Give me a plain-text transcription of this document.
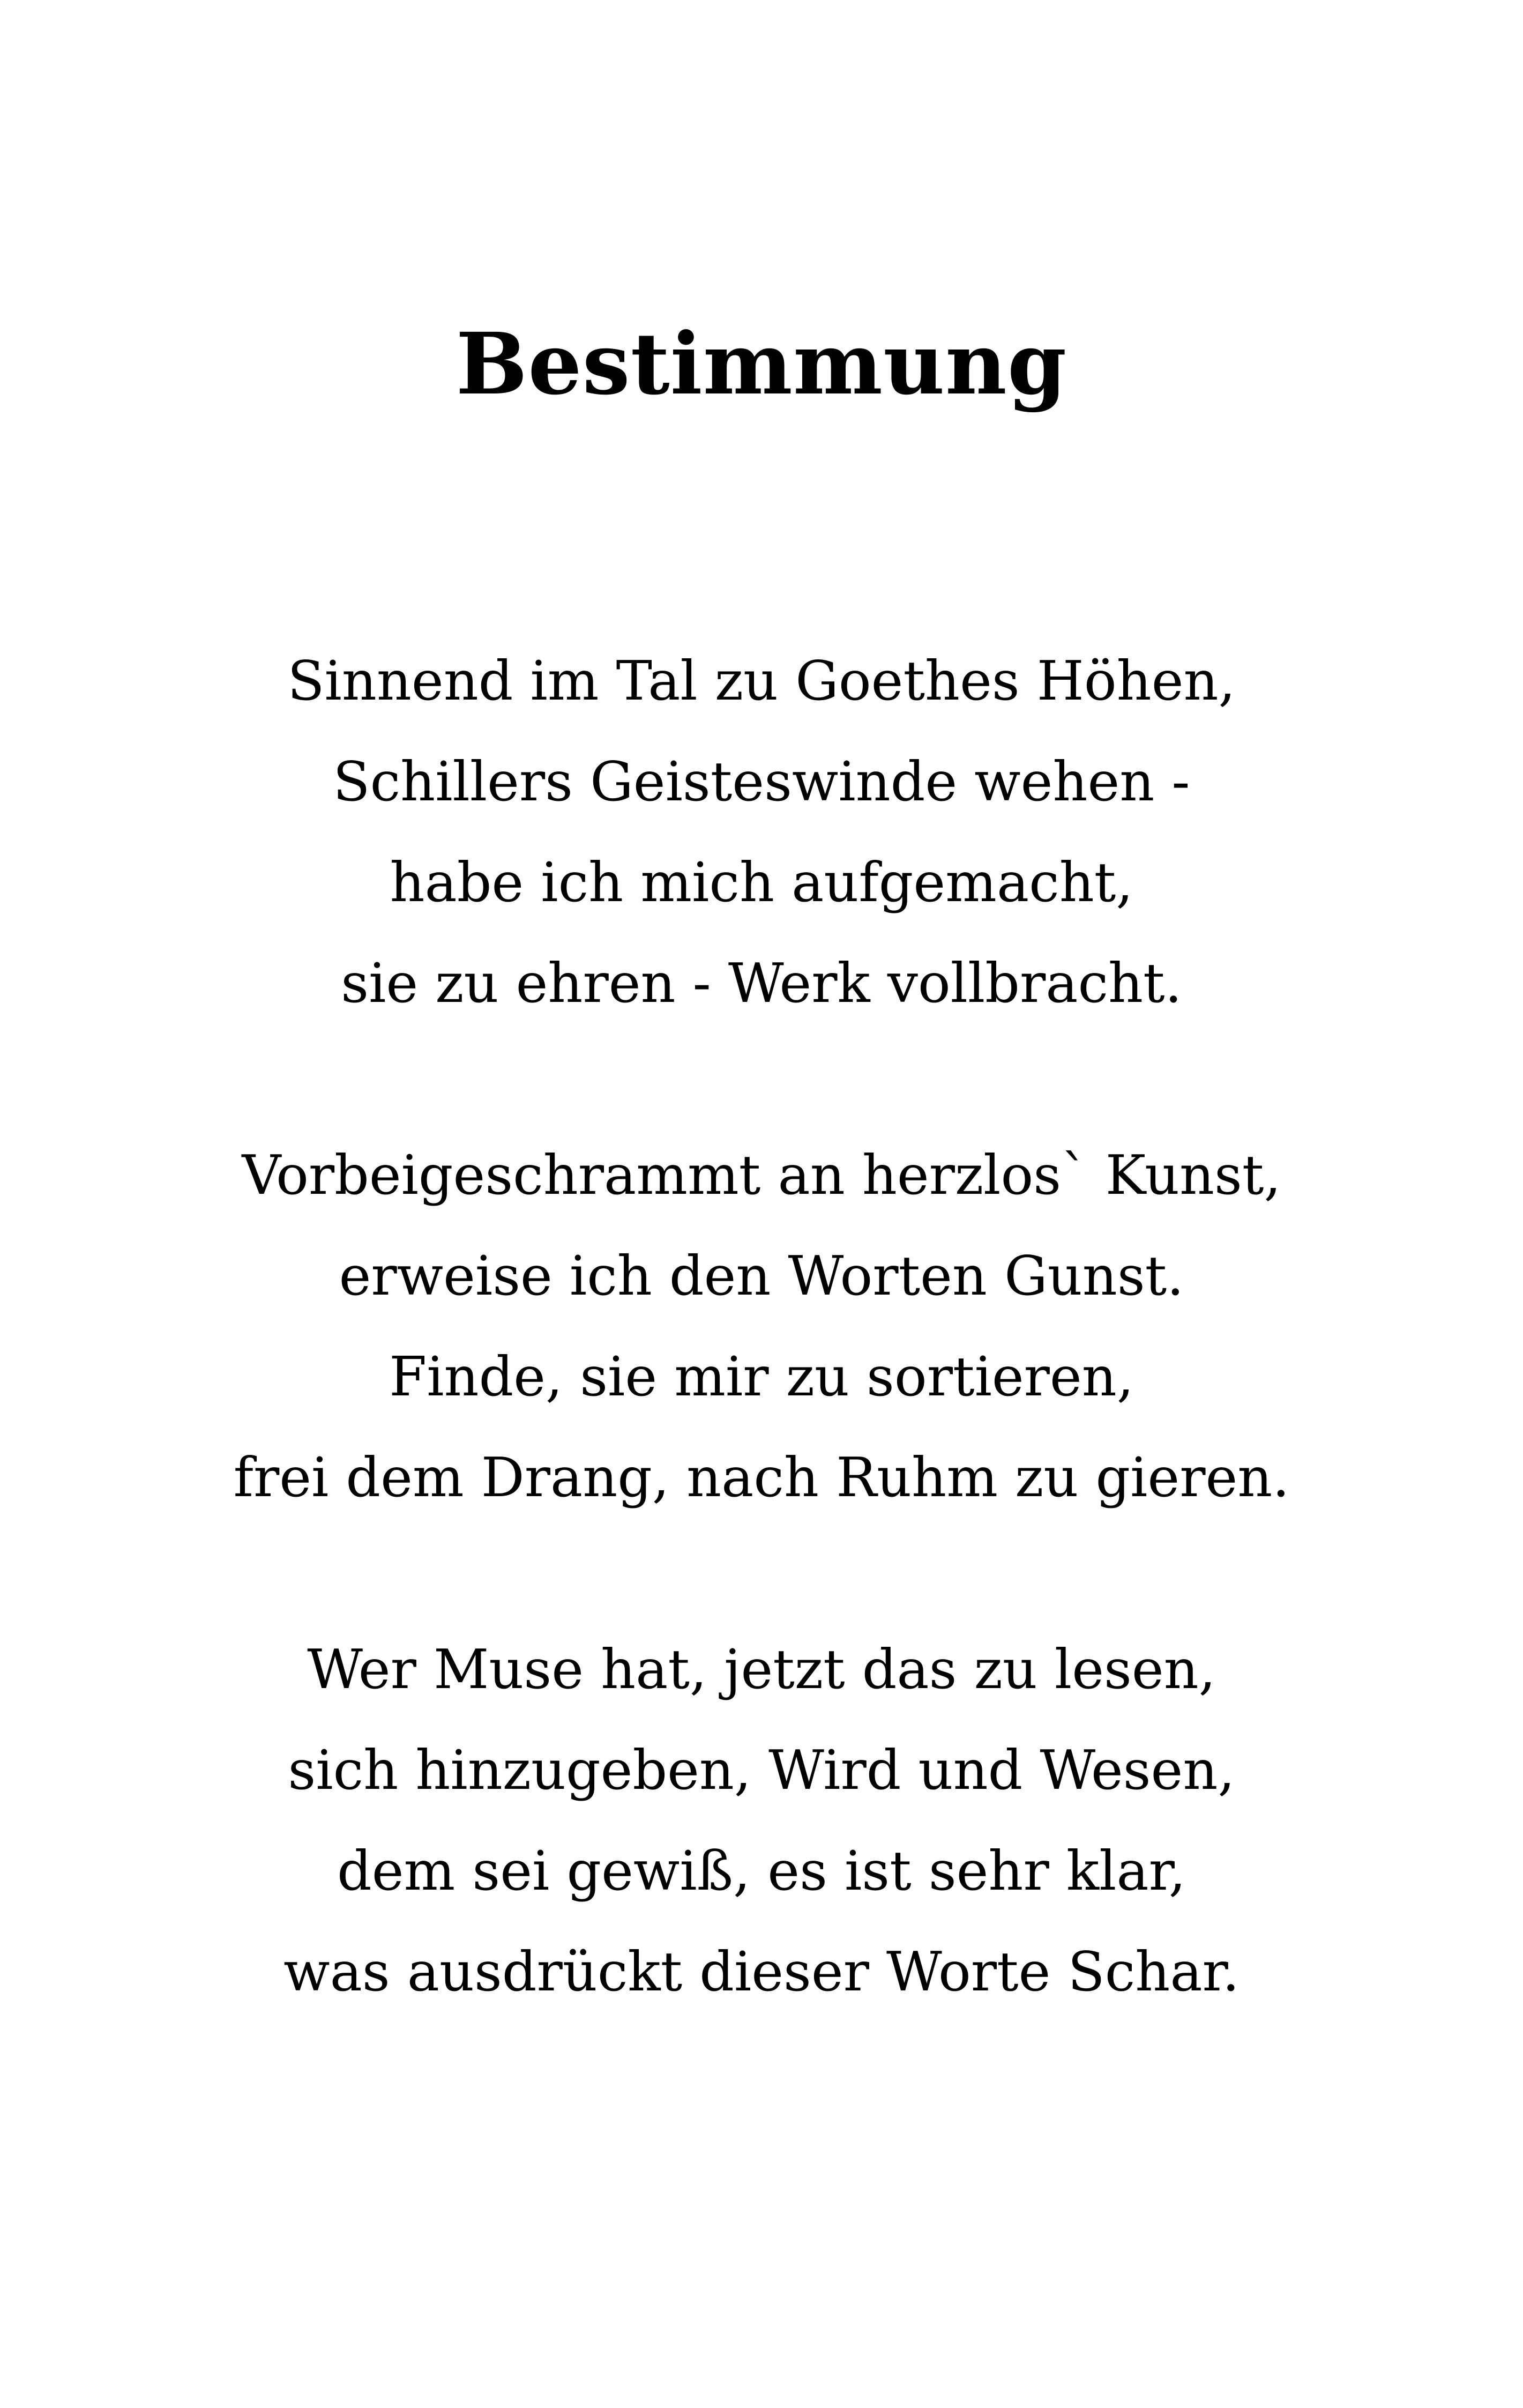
Bestimmung
Sinnend im Tal zu Goethes Höhen,
Schillers Geisteswinde wehen -
habe ich mich aufgemacht,
sie zu ehren - Werk vollbracht.
Vorbeigeschrammt an herzlos` Kunst,
erweise ich den Worten Gunst.
Finde, sie mir zu sortieren,
frei dem Drang, nach Ruhm zu gieren.
Wer Muse hat, jetzt das zu lesen,
sich hinzugeben, Wird und Wesen,
dem sei gewiß, es ist sehr klar,
was ausdrückt dieser Worte Schar.
